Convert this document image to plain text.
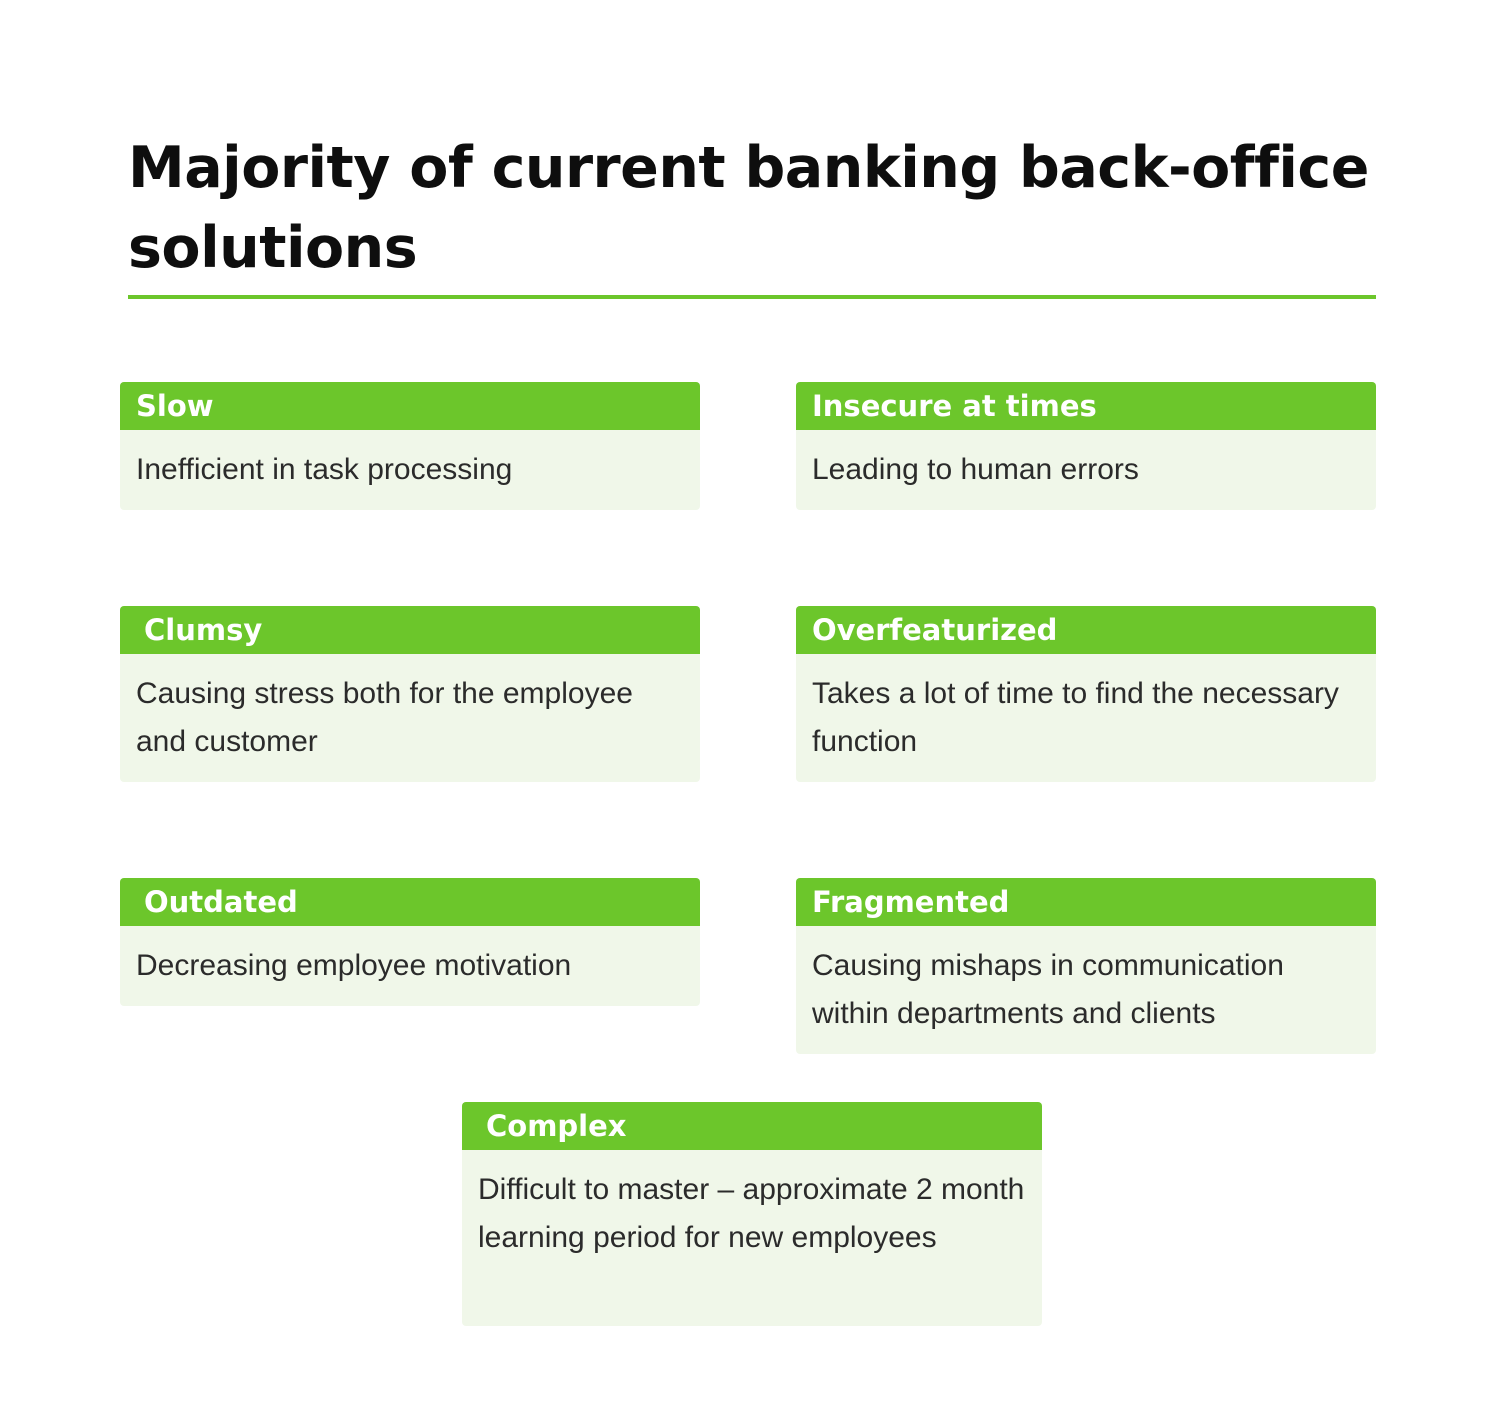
Majority of current banking back-office solutions
Slow
Inefficient in task processing
Insecure at times
Leading to human errors
Clumsy
Causing stress both for the employee and customer
Overfeaturized
Takes a lot of time to find the necessary function
Outdated
Decreasing employee motivation
Fragmented
Causing mishaps in communication within departments and clients
Complex
Difficult to master – approximate 2 month learning period for new employees
